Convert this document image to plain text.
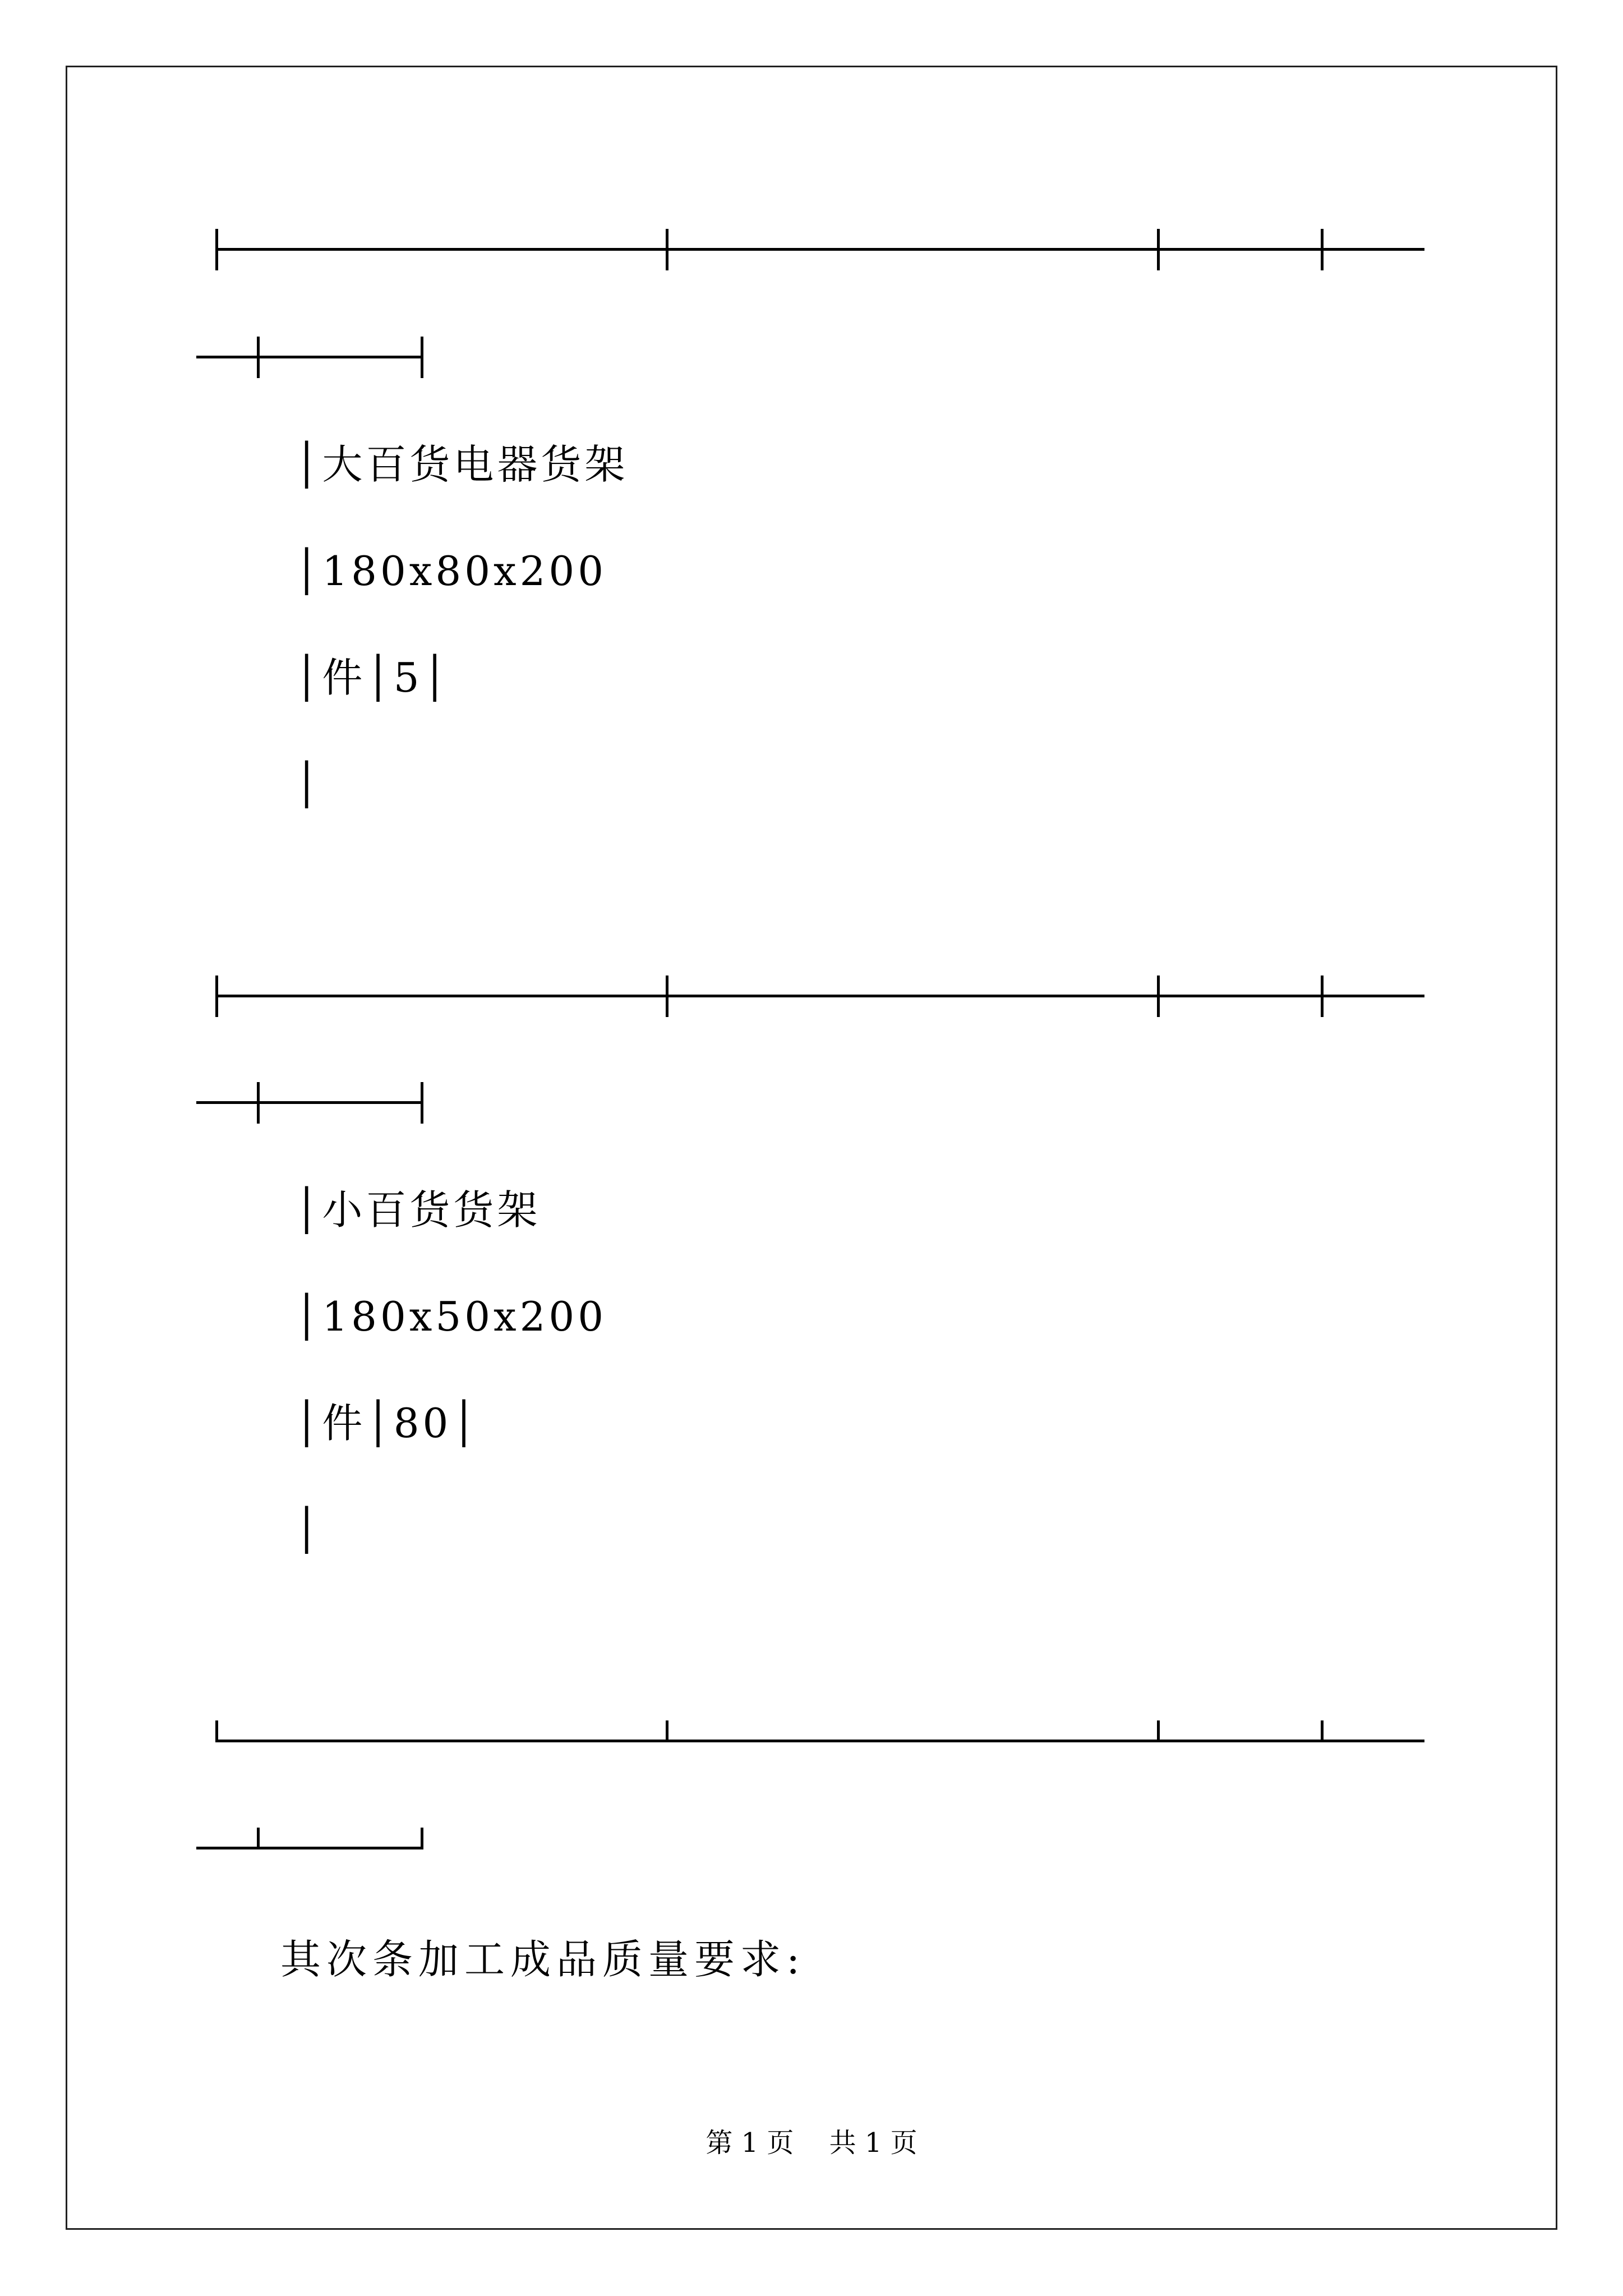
│大百货电器货架
│180x80x200
│件│5│
│
│小百货货架
│180x50x200
│件│80│
│
其次条加工成品质量要求:
第 1 页　 共 1 页
